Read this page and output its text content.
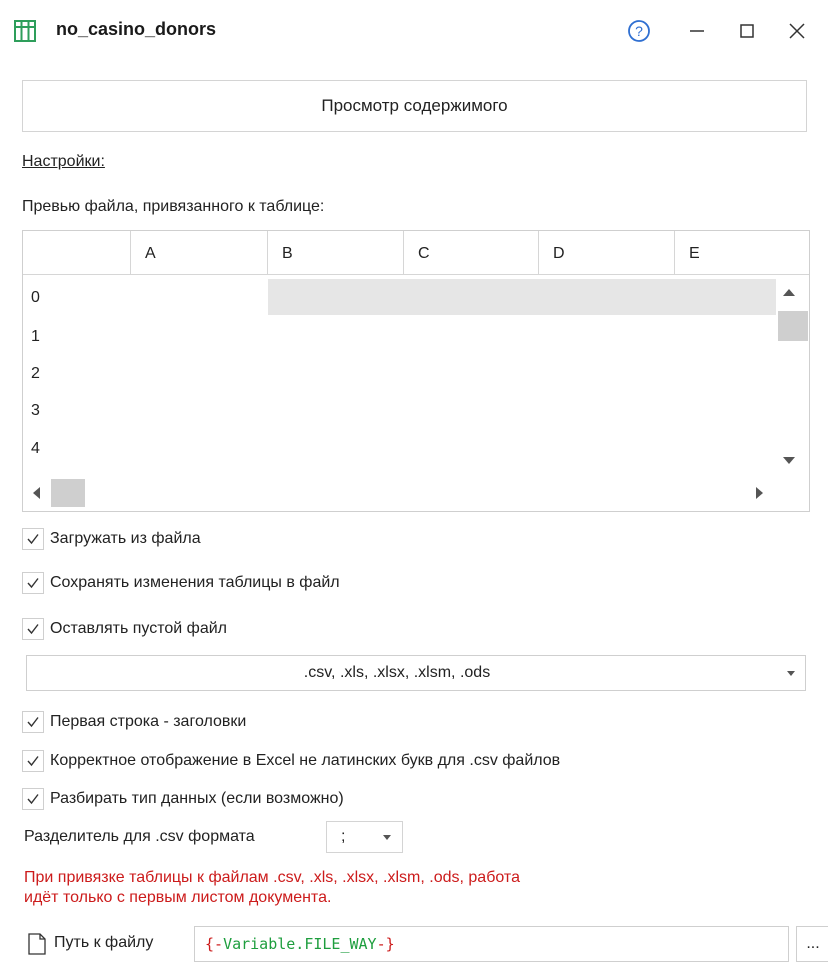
no_casino_donors	?
Просмотр содержимого
Настройки:
Превью файла, привязанного к таблице:
A	B	C	D	E
0
1
2
3
4
Загружать из файла
Сохранять изменения таблицы в файл
Оставлять пустой файл
.csv, .xls, .xlsx, .xlsm, .ods
Первая строка - заголовки
Корректное отображение в Excel не латинских букв для .csv файлов
Разбирать тип данных (если возможно)
Разделитель для .csv формата	;
При привязке таблицы к файлам .csv, .xls, .xlsx, .xlsm, .ods, работа
идёт только с первым листом документа.
Путь к файлу	{-Variable.FILE_WAY-}	...
